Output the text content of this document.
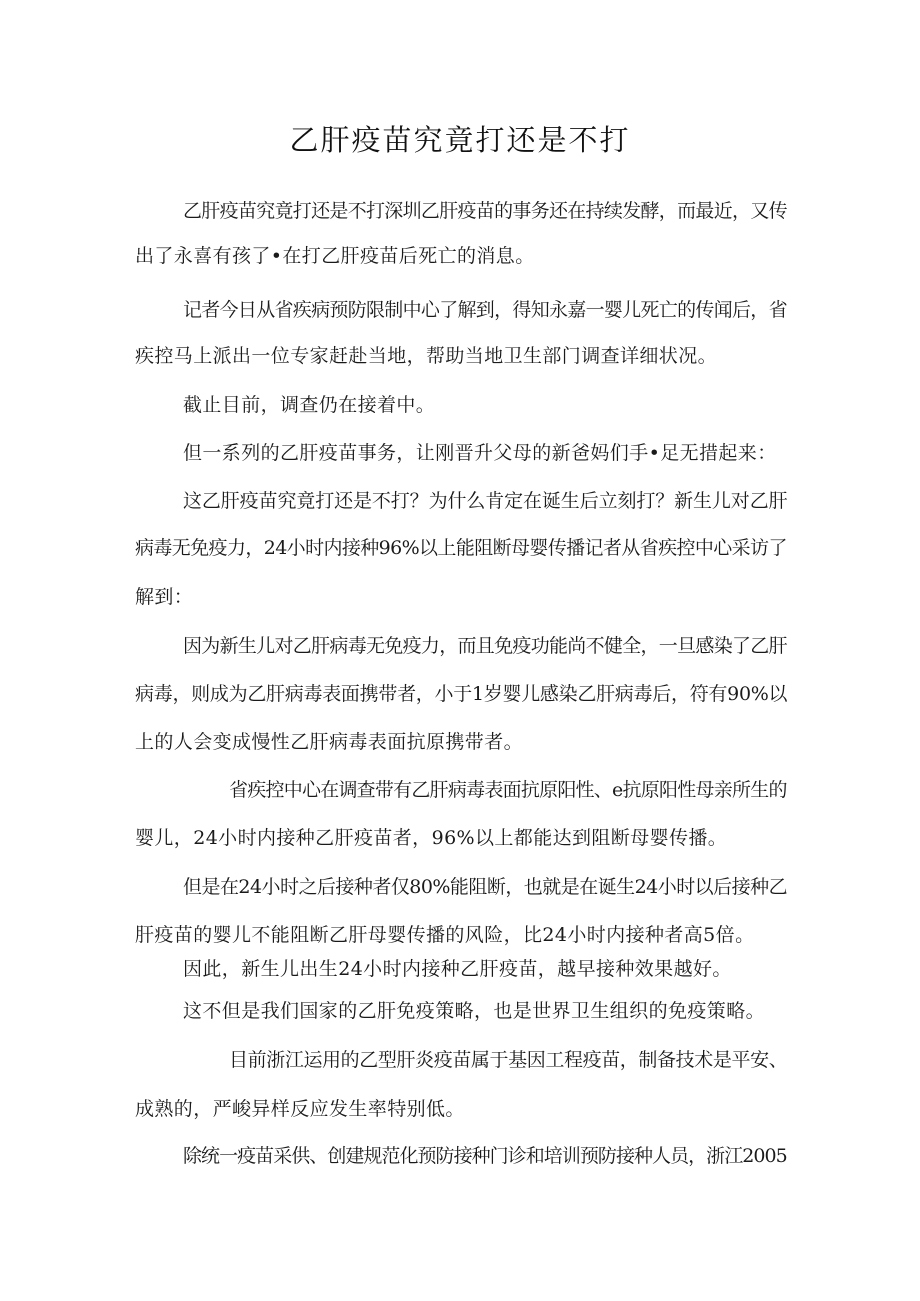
乙肝疫苗究竟打还是不打
乙肝疫苗究竟打还是不打深圳乙肝疫苗的事务还在持续发酵，而最近，又传
出了永喜有孩了•在打乙肝疫苗后死亡的消息。
记者今日从省疾病预防限制中心了解到，得知永嘉一婴儿死亡的传闻后，省
疾控马上派出一位专家赶赴当地，帮助当地卫生部门调查详细状况。
截止目前，调查仍在接着中。
但一系列的乙肝疫苗事务，让刚晋升父母的新爸妈们手•足无措起来：
这乙肝疫苗究竟打还是不打？为什么肯定在诞生后立刻打？新生儿对乙肝
病毒无免疫力，24小时内接种96%以上能阻断母婴传播记者从省疾控中心采访了
解到：
因为新生儿对乙肝病毒无免疫力，而且免疫功能尚不健全，一旦感染了乙肝
病毒，则成为乙肝病毒表面携带者，小于1岁婴儿感染乙肝病毒后，符有90%以
上的人会变成慢性乙肝病毒表面抗原携带者。
省疾控中心在调查带有乙肝病毒表面抗原阳性、e抗原阳性母亲所生的
婴儿，24小时内接种乙肝疫苗者，96%以上都能达到阻断母婴传播。
但是在24小时之后接种者仅80%能阻断，也就是在诞生24小时以后接种乙
肝疫苗的婴儿不能阻断乙肝母婴传播的风险，比24小时内接种者高5倍。
因此，新生儿出生24小时内接种乙肝疫苗，越早接种效果越好。
这不但是我们国家的乙肝免疫策略，也是世界卫生组织的免疫策略。
目前浙江运用的乙型肝炎疫苗属于基因工程疫苗，制备技术是平安、
成熟的，严峻异样反应发生率特别低。
除统一疫苗采供、创建规范化预防接种门诊和培训预防接种人员，浙江2005
